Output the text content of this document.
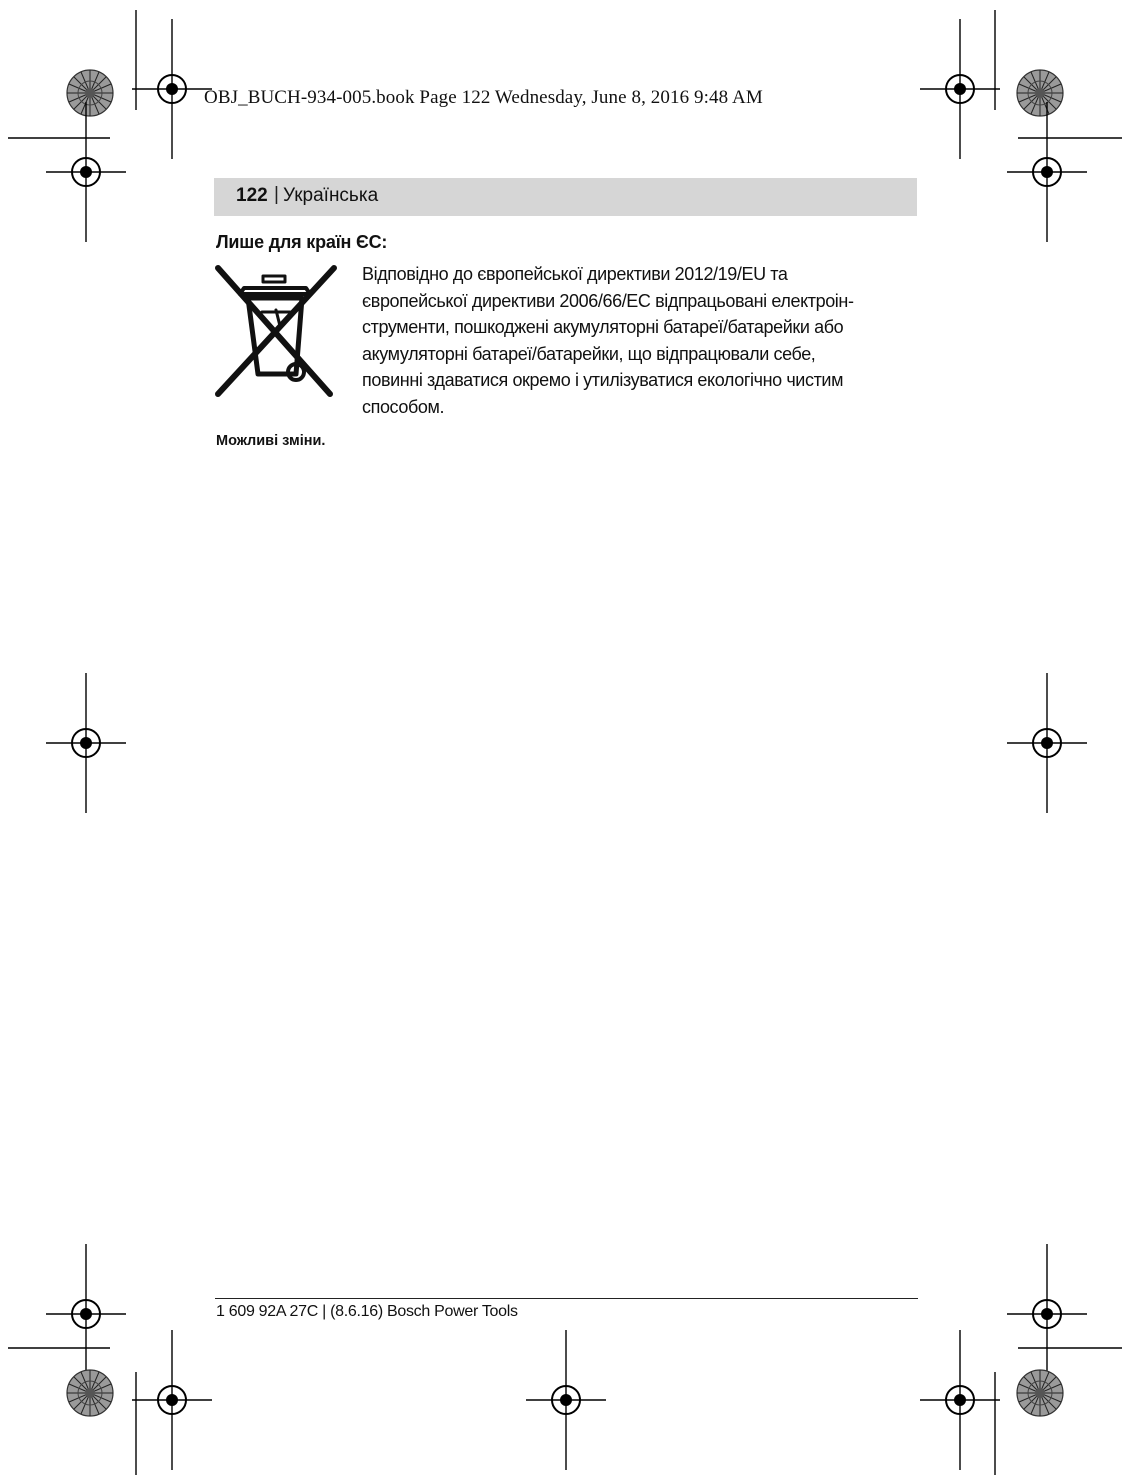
OBJ_BUCH-934-005.book Page 122 Wednesday, June 8, 2016 9:48 AM
122 | Українська
Лише для країн ЄС:
Відповідно до європейської директиви 2012/19/EU та
європейської директиви 2006/66/EC відпрацьовані електроін-
струменти, пошкоджені акумуляторні батареї/батарейки або
акумуляторні батареї/батарейки, що відпрацювали себе,
повинні здаватися окремо і утилізуватися екологічно чистим
способом.
Можливі зміни.
1 609 92A 27C | (8.6.16) Bosch Power Tools
